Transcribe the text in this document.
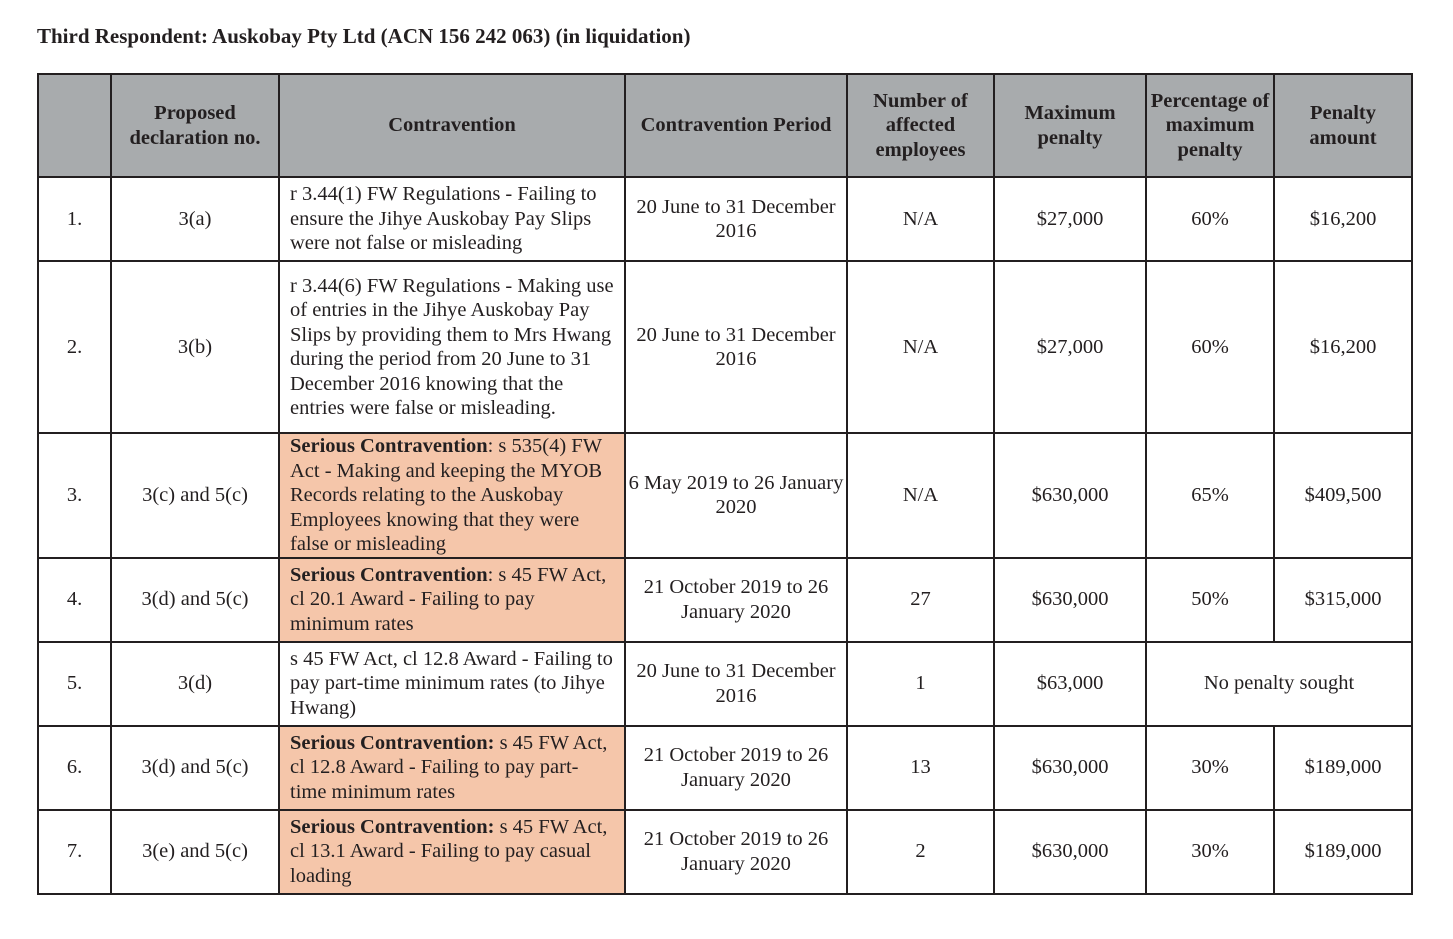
Third Respondent: Auskobay Pty Ltd (ACN 156 242 063) (in liquidation)
	Proposed declaration no.	Contravention	Contravention Period	Number of affected employees	Maximum penalty	Percentage of maximum penalty	Penalty amount
1.	3(a)	r 3.44(1) FW Regulations - Failing to ensure the Jihye Auskobay Pay Slips were not false or misleading	20 June to 31 December 2016	N/A	$27,000	60%	$16,200
2.	3(b)	r 3.44(6) FW Regulations - Making use of entries in the Jihye Auskobay Pay Slips by providing them to Mrs Hwang during the period from 20 June to 31 December 2016 knowing that the entries were false or misleading.	20 June to 31 December 2016	N/A	$27,000	60%	$16,200
3.	3(c) and 5(c)	Serious Contravention: s 535(4) FW Act - Making and keeping the MYOB Records relating to the Auskobay Employees knowing that they were false or misleading	6 May 2019 to 26 January 2020	N/A	$630,000	65%	$409,500
4.	3(d) and 5(c)	Serious Contravention: s 45 FW Act, cl 20.1 Award - Failing to pay minimum rates	21 October 2019 to 26 January 2020	27	$630,000	50%	$315,000
5.	3(d)	s 45 FW Act, cl 12.8 Award - Failing to pay part-time minimum rates (to Jihye Hwang)	20 June to 31 December 2016	1	$63,000	No penalty sought	
6.	3(d) and 5(c)	Serious Contravention: s 45 FW Act, cl 12.8 Award - Failing to pay part-time minimum rates	21 October 2019 to 26 January 2020	13	$630,000	30%	$189,000
7.	3(e) and 5(c)	Serious Contravention: s 45 FW Act, cl 13.1 Award - Failing to pay casual loading	21 October 2019 to 26 January 2020	2	$630,000	30%	$189,000
